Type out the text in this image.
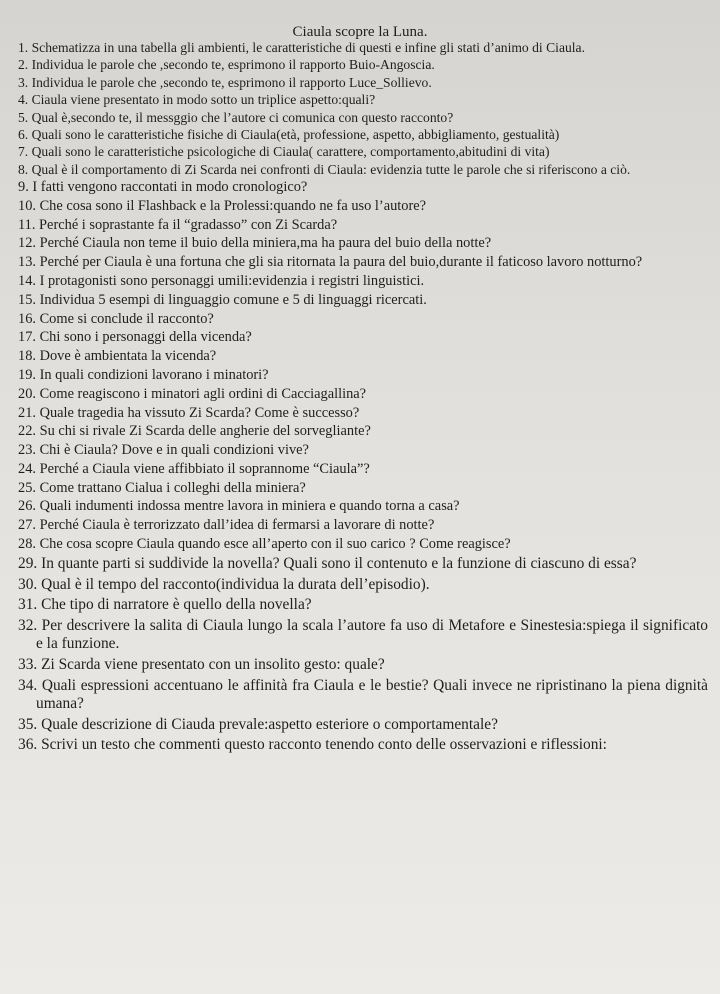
Ciaula scopre la Luna.
1. Schematizza in una tabella gli ambienti, le caratteristiche di questi e infine gli stati d’animo di Ciaula.
2. Individua le parole che ,secondo te, esprimono il rapporto Buio-Angoscia.
3. Individua le parole che ,secondo te, esprimono il rapporto Luce_Sollievo.
4. Ciaula viene presentato in modo sotto un triplice aspetto:quali?
5. Qual è,secondo te, il messggio che l’autore ci comunica con questo racconto?
6. Quali sono le caratteristiche fisiche di Ciaula(età, professione, aspetto, abbigliamento, gestualità)
7. Quali sono le caratteristiche psicologiche di Ciaula( carattere, comportamento,abitudini di vita)
8. Qual è il comportamento di Zi Scarda nei confronti di Ciaula: evidenzia tutte le parole che si riferiscono a ciò.
9. I fatti vengono raccontati in modo cronologico?
10. Che cosa sono il Flashback e la Prolessi:quando ne fa uso l’autore?
11. Perché i soprastante fa il “gradasso” con Zi Scarda?
12. Perché Ciaula non teme il buio della miniera,ma ha paura del buio della notte?
13. Perché per Ciaula è una fortuna che gli sia ritornata la paura del buio,durante il faticoso lavoro notturno?
14. I protagonisti sono personaggi umili:evidenzia i registri linguistici.
15. Individua 5 esempi di linguaggio comune e 5 di linguaggi ricercati.
16. Come si conclude il racconto?
17. Chi sono i personaggi della vicenda?
18. Dove è ambientata la vicenda?
19. In quali condizioni lavorano i minatori?
20. Come reagiscono i minatori agli ordini di Cacciagallina?
21. Quale tragedia ha vissuto Zi Scarda? Come è successo?
22. Su chi si rivale Zi Scarda delle angherie del sorvegliante?
23. Chi è Ciaula? Dove e in quali condizioni vive?
24. Perché a Ciaula viene affibbiato il soprannome “Ciaula”?
25. Come trattano Cialua i colleghi della miniera?
26. Quali indumenti indossa mentre lavora in miniera e quando torna a casa?
27. Perché Ciaula è terrorizzato dall’idea di fermarsi a lavorare di notte?
28. Che cosa scopre Ciaula quando esce all’aperto con il suo carico ? Come reagisce?
29. In quante parti si suddivide la novella? Quali sono il contenuto e la funzione di ciascuno di essa?
30. Qual è il tempo del racconto(individua la durata dell’episodio).
31. Che tipo di narratore è quello della novella?
32. Per descrivere la salita di Ciaula lungo la scala l’autore fa uso di Metafore e Sinestesia:spiega il significato e la funzione.
33. Zi Scarda viene presentato con un insolito gesto: quale?
34. Quali espressioni accentuano le affinità fra Ciaula e le bestie? Quali invece ne ripristinano la piena dignità umana?
35. Quale descrizione di Ciauda prevale:aspetto esteriore o comportamentale?
36. Scrivi un testo che commenti questo racconto tenendo conto delle osservazioni e riflessioni:
